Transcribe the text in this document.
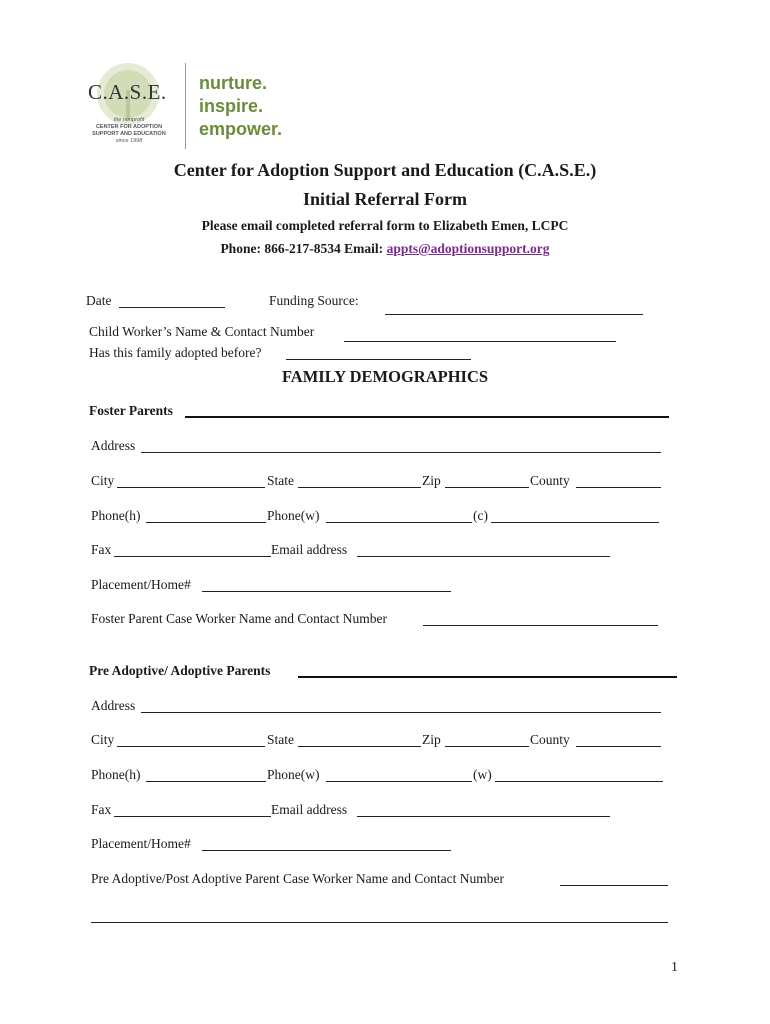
C.A.S.E.
the nonprofit
CENTER FOR ADOPTION
SUPPORT AND EDUCATION
since 1998
nurture.
inspire.
empower.
Center for Adoption Support and Education (C.A.S.E.)
Initial Referral Form
Please email completed referral form to Elizabeth Emen, LCPC
Phone: 866-217-8534 Email: appts@adoptionsupport.org
Date	Funding Source:
Child Worker’s Name & Contact Number
Has this family adopted before?
FAMILY DEMOGRAPHICS
Foster Parents
Address
City	State	Zip	County
Phone(h)	Phone(w)	(c)
Fax	Email address
Placement/Home#
Foster Parent Case Worker Name and Contact Number
Pre Adoptive/ Adoptive Parents
Address
City	State	Zip	County
Phone(h)	Phone(w)	(w)
Fax	Email address
Placement/Home#
Pre Adoptive/Post Adoptive Parent Case Worker Name and Contact Number
1
